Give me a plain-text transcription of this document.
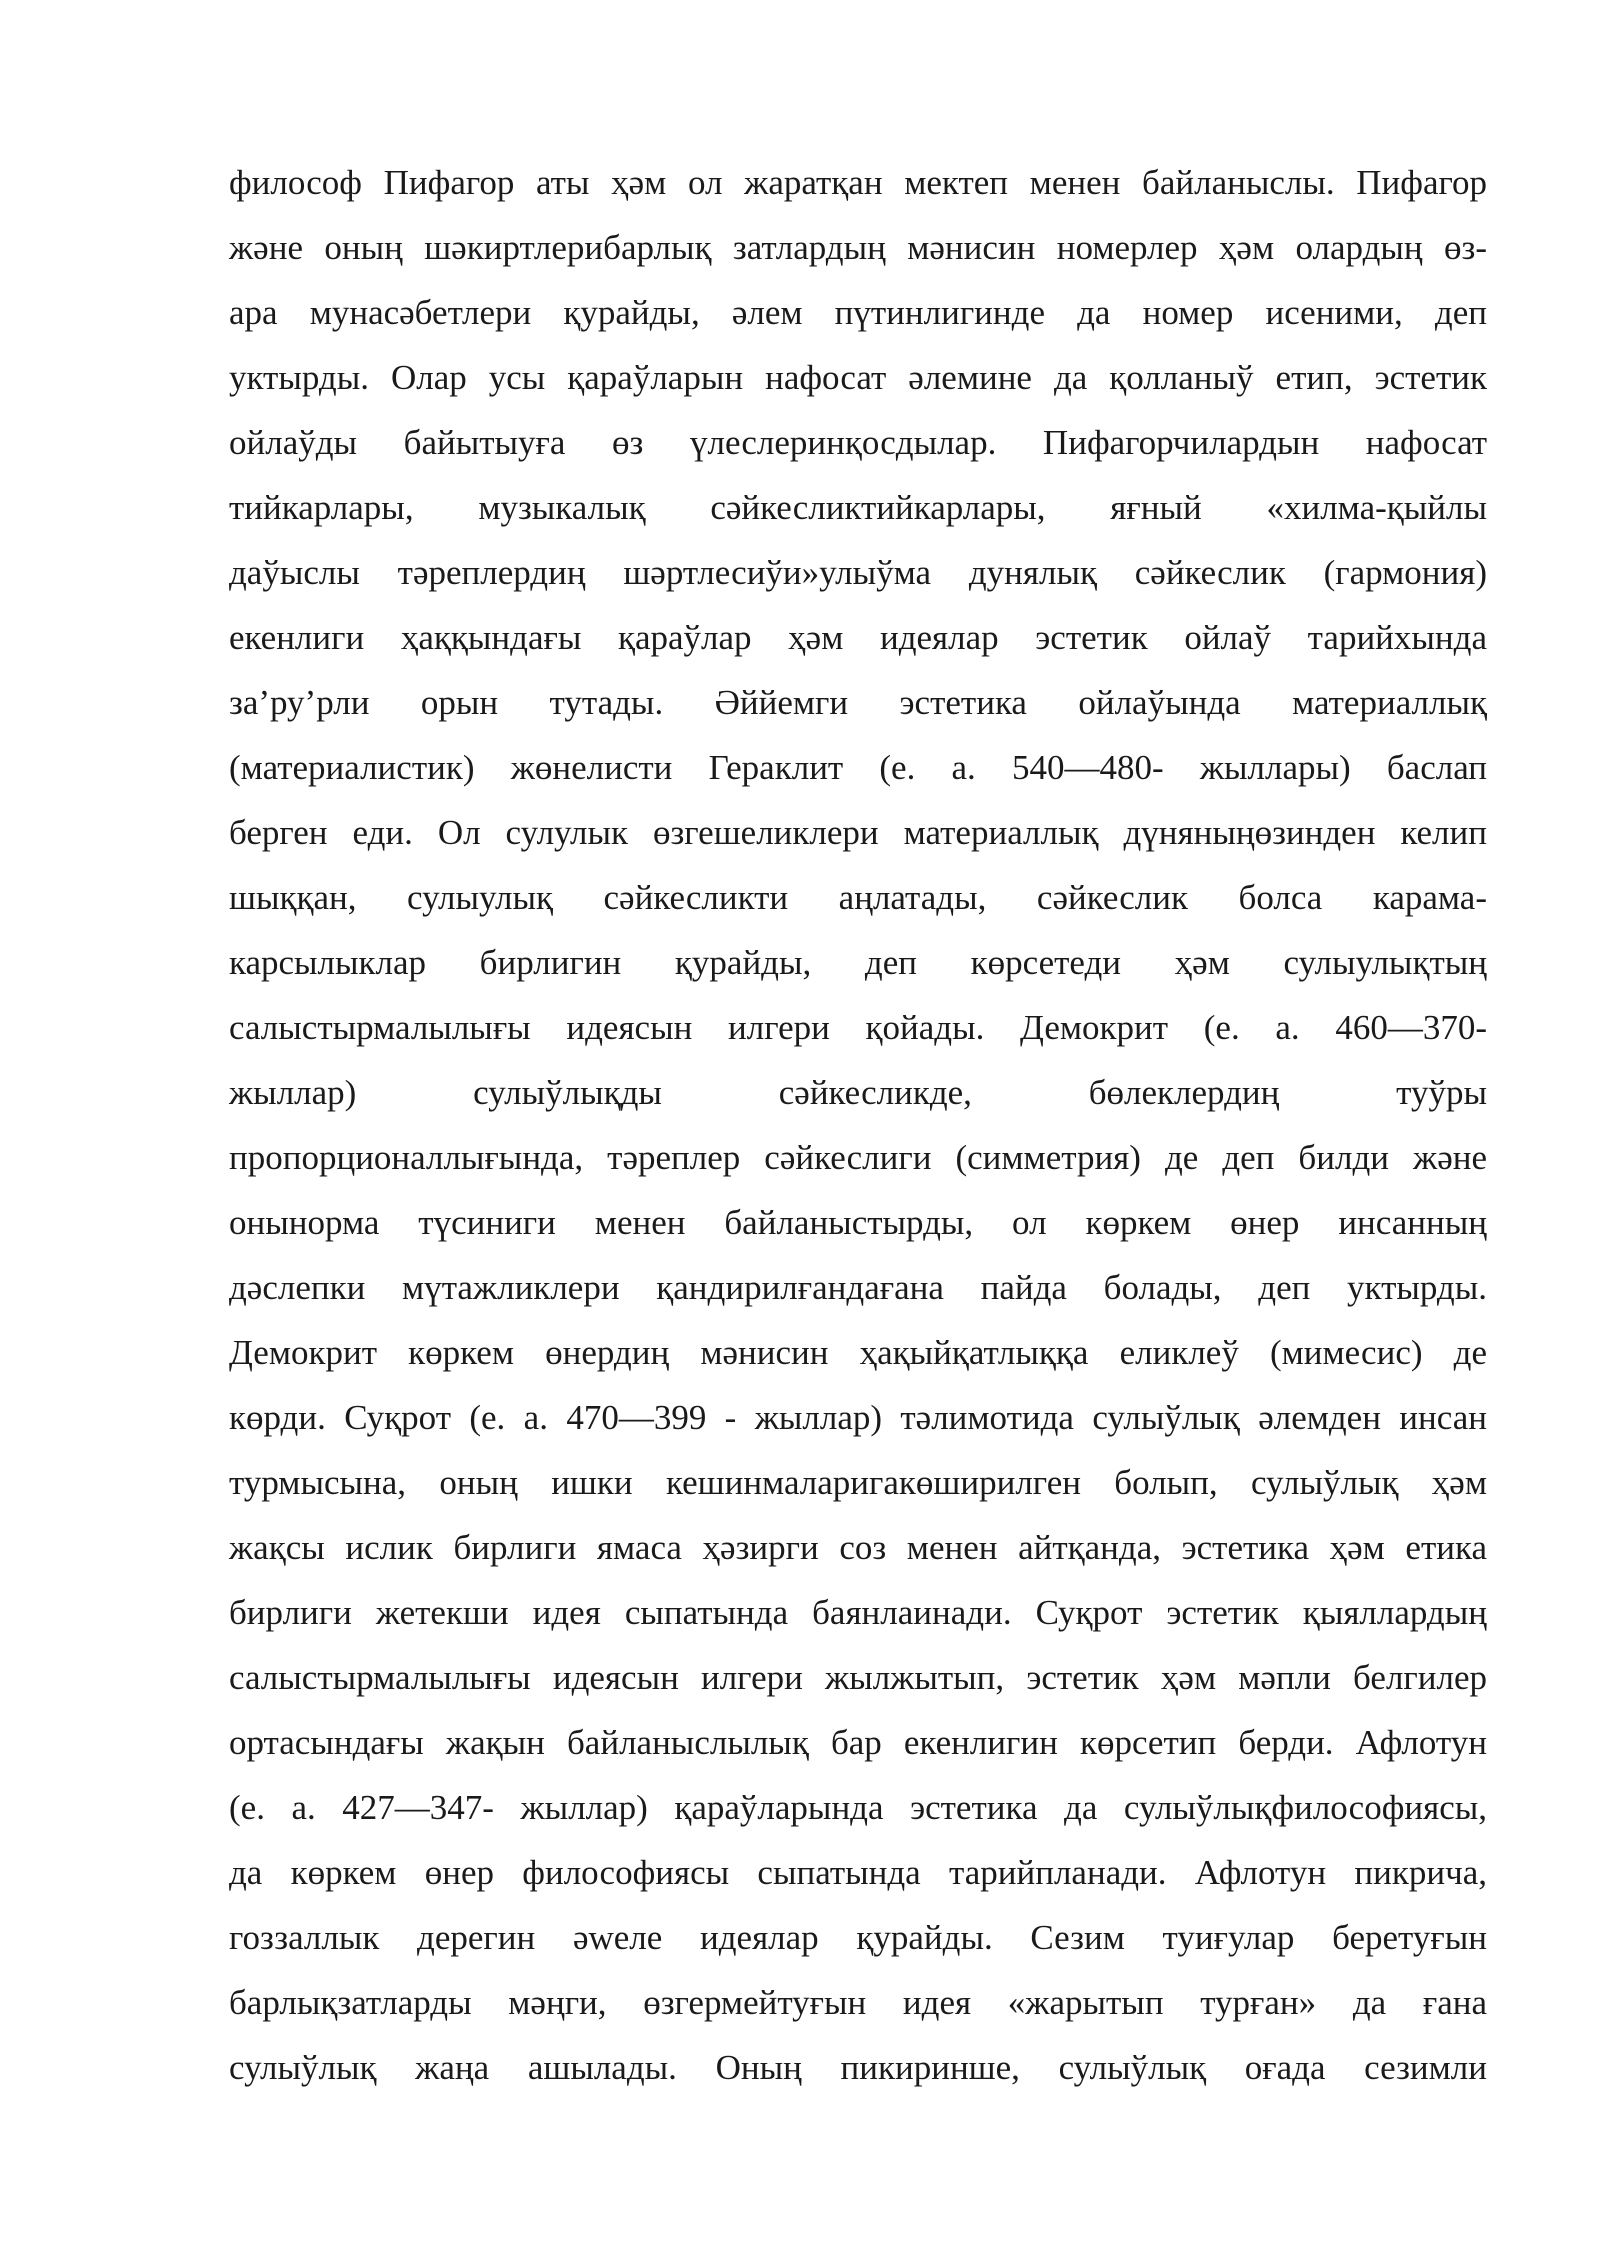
философ Пифагор аты ҳәм ол жаратқан мектеп менен байланыслы. Пифагор
және оның шәкиртлерибарлық затлардың мәнисин номерлер ҳәм олардың өз-
ара мунасәбетлери қурайды, әлем пүтинлигинде да номер исеними, деп
уктырды. Олар усы қараўларын нафосат әлемине да қолланыў етип, эстетик
ойлаўды байытыуға өз үлеслеринқосдылар. Пифагорчилардын нафосат
тийкарлары, музыкалық сәйкесликтийкарлары, яғный «хилма-қыйлы
даўыслы тәреплердиң шәртлесиўи»улыўма дунялық сәйкеслик (гармония)
екенлиги ҳаққындағы қараўлар ҳәм идеялар эстетик ойлаў тарийхында
за’ру’рли орын тутады. Әййемги эстетика ойлаўында материаллық
(материалистик) жөнелисти Гераклит (е. а. 540—480- жыллары) баслап
берген еди. Ол сулулык өзгешеликлери материаллық дүняныңөзинден келип
шыққан, сулыулық сәйкесликти аңлатады, сәйкеслик болса карама-
карсылыклар бирлигин қурайды, деп көрсетеди ҳәм сулыулықтың
салыстырмалылығы идеясын илгери қойады. Демокрит (е. а. 460—370-
жыллар) сулыўлықды сәйкесликде, бөлеклердиң туўры
пропорционаллығында, тәреплер сәйкеслиги (симметрия) де деп билди және
онынорма түсиниги менен байланыстырды, ол көркем өнер инсанның
дәслепки мүтажликлери қандирилғандағана пайда болады, деп уктырды.
Демокрит көркем өнердиң мәнисин ҳақыйқатлыққа еликлеў (мимесис) де
көрди. Суқрот (е. а. 470—399 - жыллар) тәлимотида сулыўлық әлемден инсан
турмысына, оның ишки кешинмаларигакөширилген болып, сулыўлық ҳәм
жақсы ислик бирлиги ямаса ҳәзирги соз менен айтқанда, эстетика ҳәм етика
бирлиги жетекши идея сыпатында баянлаинади. Суқрот эстетик қыяллардың
салыстырмалылығы идеясын илгери жылжытып, эстетик ҳәм мәпли белгилер
ортасындағы жақын байланыслылық бар екенлигин көрсетип берди. Афлотун
(е. а. 427—347- жыллар) қараўларында эстетика да сулыўлықфилософиясы,
да көркем өнер философиясы сыпатында тарийпланади. Афлотун пикрича,
гоззаллык дерегин әweле идеялар қурайды. Сезим туиғулар беретуғын
барлықзатларды мәңги, өзгермейтуғын идея «жарытып турған» да ғана
сулыўлық жаңа ашылады. Оның пикиринше, сулыўлық оғада сезимли
